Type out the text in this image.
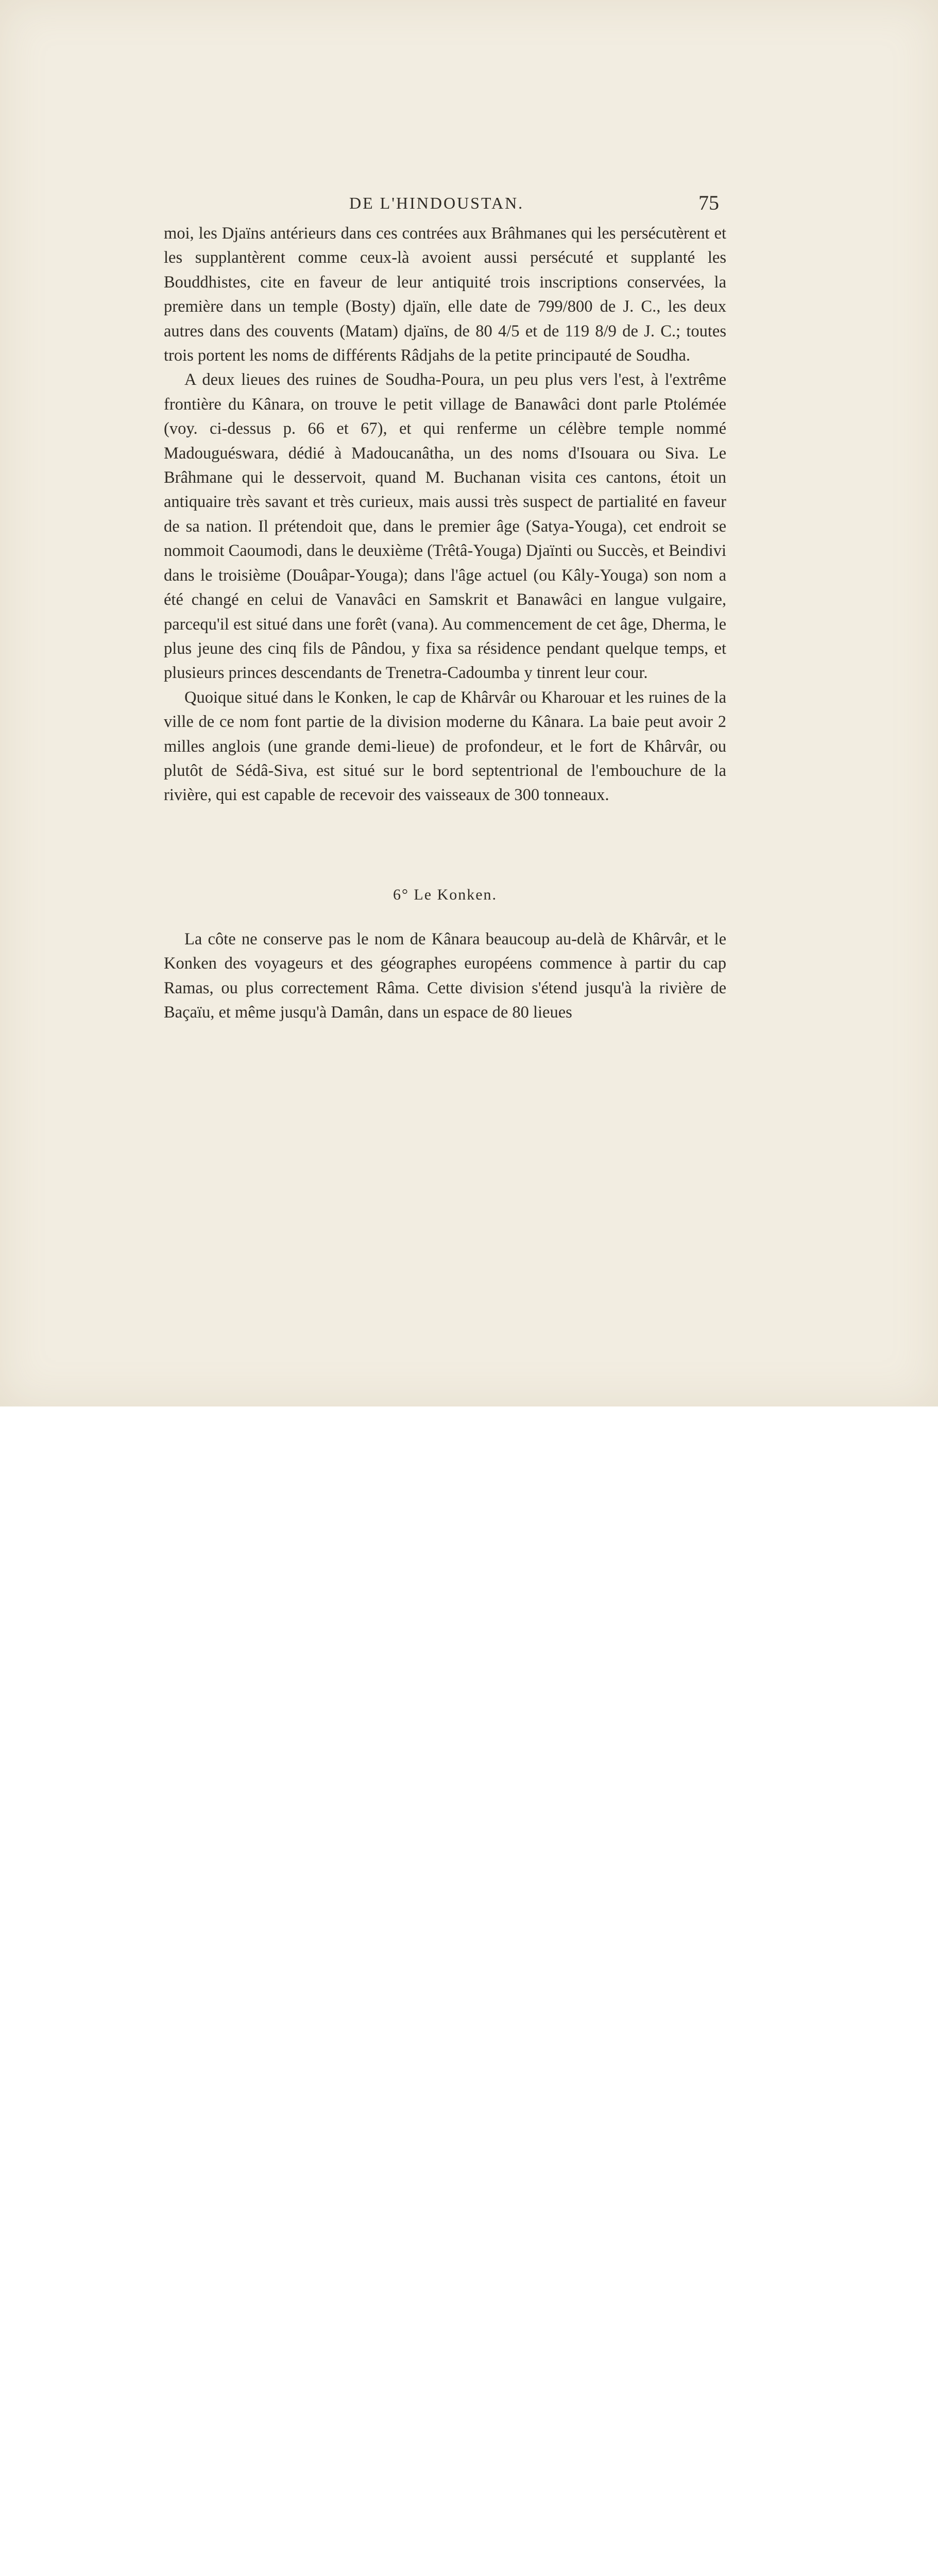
DE L'HINDOUSTAN.	75

moi, les Djaïns antérieurs dans ces contrées aux Brâhmanes qui les persécutèrent et les supplantèrent comme ceux-là avoient aussi persécuté et supplanté les Bouddhistes, cite en faveur de leur antiquité trois inscriptions conservées, la première dans un temple (Bosty) djaïn, elle date de 799/800 de J. C., les deux autres dans des couvents (Matam) djaïns, de 80 4/5 et de 119 8/9 de J. C.; toutes trois portent les noms de différents Râdjahs de la petite principauté de Soudha.

A deux lieues des ruines de Soudha-Poura, un peu plus vers l'est, à l'extrême frontière du Kânara, on trouve le petit village de Banawâci dont parle Ptolémée (voy. ci-dessus p. 66 et 67), et qui renferme un célèbre temple nommé Madouguéswara, dédié à Madoucanâtha, un des noms d'Isouara ou Siva. Le Brâhmane qui le desservoit, quand M. Buchanan visita ces cantons, étoit un antiquaire très savant et très curieux, mais aussi très suspect de partialité en faveur de sa nation. Il prétendoit que, dans le premier âge (Satya-Youga), cet endroit se nommoit Caoumodi, dans le deuxième (Trêtâ-Youga) Djaïnti ou Succès, et Beindivi dans le troisième (Douâpar-Youga); dans l'âge actuel (ou Kâly-Youga) son nom a été changé en celui de Vanavâci en Samskrit et Banawâci en langue vulgaire, parcequ'il est situé dans une forêt (vana). Au commencement de cet âge, Dherma, le plus jeune des cinq fils de Pândou, y fixa sa résidence pendant quelque temps, et plusieurs princes descendants de Trenetra-Cadoumba y tinrent leur cour.

Quoique situé dans le Konken, le cap de Khârvâr ou Kharouar et les ruines de la ville de ce nom font partie de la division moderne du Kânara. La baie peut avoir 2 milles anglois (une grande demi-lieue) de profondeur, et le fort de Khârvâr, ou plutôt de Sédâ-Siva, est situé sur le bord septentrional de l'embouchure de la rivière, qui est capable de recevoir des vaisseaux de 300 tonneaux.

6° Le Konken.

La côte ne conserve pas le nom de Kânara beaucoup au-delà de Khârvâr, et le Konken des voyageurs et des géographes européens commence à partir du cap Ramas, ou plus correctement Râma. Cette division s'étend jusqu'à la rivière de Baçaïu, et même jusqu'à Damân, dans un espace de 80 lieues
